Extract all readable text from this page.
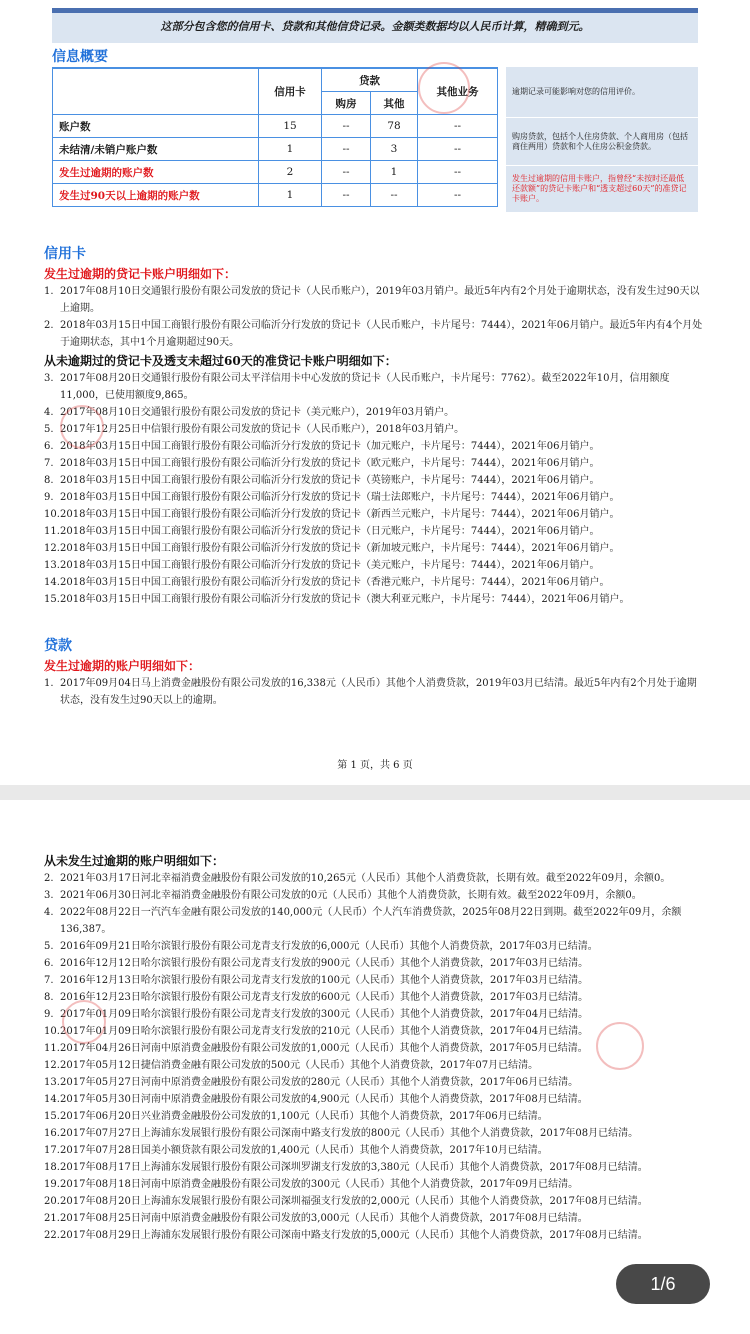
这部分包含您的信用卡、贷款和其他信贷记录。金额类数据均以人民币计算，精确到元。
信息概要
	信用卡	贷款		其他业务
		购房	其他	
账户数	15	--	78	--
未结清/未销户账户数	1	--	3	--
发生过逾期的账户数	2	--	1	--
发生过90天以上逾期的账户数	1	--	--	--
逾期记录可能影响对您的信用评价。
购房贷款，包括个人住房贷款、个人商用房（包括商住两用）贷款和个人住房公积金贷款。
发生过逾期的信用卡账户，指曾经“未按时还最低还款额”的贷记卡账户和“透支超过60天”的准贷记卡账户。
信用卡
发生过逾期的贷记卡账户明细如下：
1. 2017年08月10日交通银行股份有限公司发放的贷记卡（人民币账户），2019年03月销户。最近5年内有2个月处于逾期状态，没有发生过90天以上逾期。
2. 2018年03月15日中国工商银行股份有限公司临沂分行发放的贷记卡（人民币账户，卡片尾号：7444），2021年06月销户。最近5年内有4个月处于逾期状态，其中1个月逾期超过90天。
从未逾期过的贷记卡及透支未超过60天的准贷记卡账户明细如下：
3. 2017年08月20日交通银行股份有限公司太平洋信用卡中心发放的贷记卡（人民币账户，卡片尾号：7762）。截至2022年10月，信用额度11,000，已使用额度9,865。
4. 2017年08月10日交通银行股份有限公司发放的贷记卡（美元账户），2019年03月销户。
5. 2017年12月25日中信银行股份有限公司发放的贷记卡（人民币账户），2018年03月销户。
6. 2018年03月15日中国工商银行股份有限公司临沂分行发放的贷记卡（加元账户，卡片尾号：7444），2021年06月销户。
7. 2018年03月15日中国工商银行股份有限公司临沂分行发放的贷记卡（欧元账户，卡片尾号：7444），2021年06月销户。
8. 2018年03月15日中国工商银行股份有限公司临沂分行发放的贷记卡（英镑账户，卡片尾号：7444），2021年06月销户。
9. 2018年03月15日中国工商银行股份有限公司临沂分行发放的贷记卡（瑞士法郎账户，卡片尾号：7444），2021年06月销户。
10. 2018年03月15日中国工商银行股份有限公司临沂分行发放的贷记卡（新西兰元账户，卡片尾号：7444），2021年06月销户。
11. 2018年03月15日中国工商银行股份有限公司临沂分行发放的贷记卡（日元账户，卡片尾号：7444），2021年06月销户。
12. 2018年03月15日中国工商银行股份有限公司临沂分行发放的贷记卡（新加坡元账户，卡片尾号：7444），2021年06月销户。
13. 2018年03月15日中国工商银行股份有限公司临沂分行发放的贷记卡（美元账户，卡片尾号：7444），2021年06月销户。
14. 2018年03月15日中国工商银行股份有限公司临沂分行发放的贷记卡（香港元账户，卡片尾号：7444），2021年06月销户。
15. 2018年03月15日中国工商银行股份有限公司临沂分行发放的贷记卡（澳大利亚元账户，卡片尾号：7444），2021年06月销户。
贷款
发生过逾期的账户明细如下：
1. 2017年09月04日马上消费金融股份有限公司发放的16,338元（人民币）其他个人消费贷款，2019年03月已结清。最近5年内有2个月处于逾期状态，没有发生过90天以上的逾期。
第 1 页，共 6 页
从未发生过逾期的账户明细如下：
2. 2021年03月17日河北幸福消费金融股份有限公司发放的10,265元（人民币）其他个人消费贷款，长期有效。截至2022年09月，余额0。
3. 2021年06月30日河北幸福消费金融股份有限公司发放的0元（人民币）其他个人消费贷款，长期有效。截至2022年09月，余额0。
4. 2022年08月22日一汽汽车金融有限公司发放的140,000元（人民币）个人汽车消费贷款，2025年08月22日到期。截至2022年09月，余额136,387。
5. 2016年09月21日哈尔滨银行股份有限公司龙青支行发放的6,000元（人民币）其他个人消费贷款，2017年03月已结清。
6. 2016年12月12日哈尔滨银行股份有限公司龙青支行发放的900元（人民币）其他个人消费贷款，2017年03月已结清。
7. 2016年12月13日哈尔滨银行股份有限公司龙青支行发放的100元（人民币）其他个人消费贷款，2017年03月已结清。
8. 2016年12月23日哈尔滨银行股份有限公司龙青支行发放的600元（人民币）其他个人消费贷款，2017年03月已结清。
9. 2017年01月09日哈尔滨银行股份有限公司龙青支行发放的300元（人民币）其他个人消费贷款，2017年04月已结清。
10. 2017年01月09日哈尔滨银行股份有限公司龙青支行发放的210元（人民币）其他个人消费贷款，2017年04月已结清。
11. 2017年04月26日河南中原消费金融股份有限公司发放的1,000元（人民币）其他个人消费贷款，2017年05月已结清。
12. 2017年05月12日捷信消费金融有限公司发放的500元（人民币）其他个人消费贷款，2017年07月已结清。
13. 2017年05月27日河南中原消费金融股份有限公司发放的280元（人民币）其他个人消费贷款，2017年06月已结清。
14. 2017年05月30日河南中原消费金融股份有限公司发放的4,900元（人民币）其他个人消费贷款，2017年08月已结清。
15. 2017年06月20日兴业消费金融股份公司发放的1,100元（人民币）其他个人消费贷款，2017年06月已结清。
16. 2017年07月27日上海浦东发展银行股份有限公司深南中路支行发放的800元（人民币）其他个人消费贷款，2017年08月已结清。
17. 2017年07月28日国美小额贷款有限公司发放的1,400元（人民币）其他个人消费贷款，2017年10月已结清。
18. 2017年08月17日上海浦东发展银行股份有限公司深圳罗湖支行发放的3,380元（人民币）其他个人消费贷款，2017年08月已结清。
19. 2017年08月18日河南中原消费金融股份有限公司发放的300元（人民币）其他个人消费贷款，2017年09月已结清。
20. 2017年08月20日上海浦东发展银行股份有限公司深圳福强支行发放的2,000元（人民币）其他个人消费贷款，2017年08月已结清。
21. 2017年08月25日河南中原消费金融股份有限公司发放的3,000元（人民币）其他个人消费贷款，2017年08月已结清。
22. 2017年08月29日上海浦东发展银行股份有限公司深南中路支行发放的5,000元（人民币）其他个人消费贷款，2017年08月已结清。
1/6
